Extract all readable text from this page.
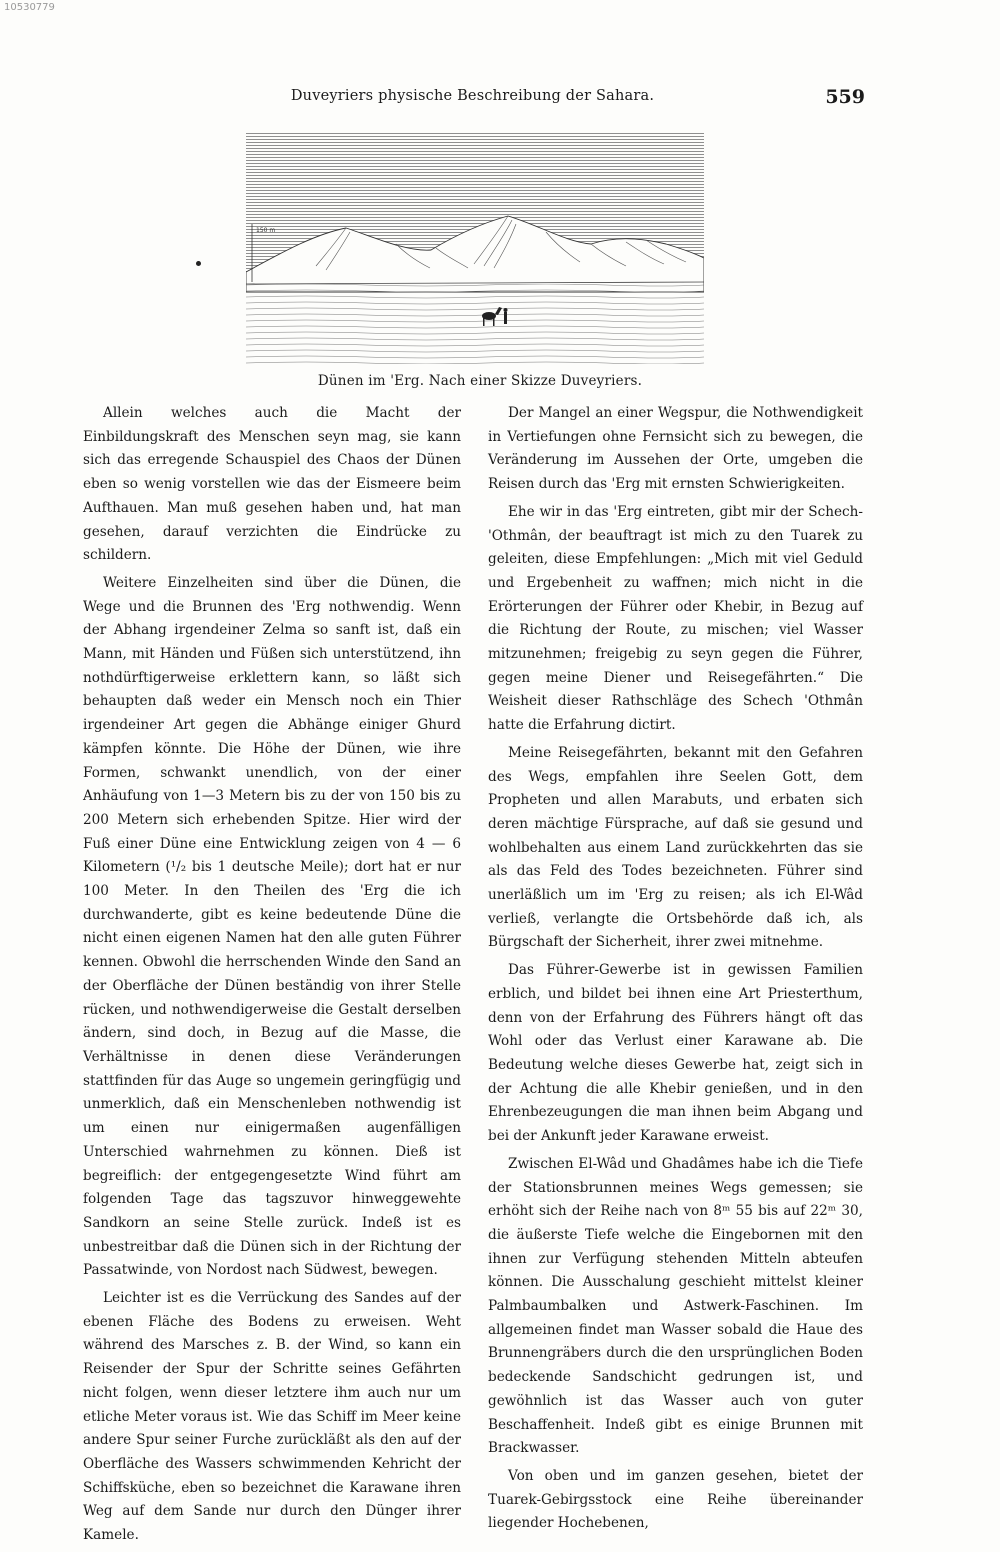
10530779
Duveyriers physische Beschreibung der Sahara.	559
150 m
Dünen im 'Erg. Nach einer Skizze Duveyriers.

Allein welches auch die Macht der Einbildungskraft des Menschen seyn mag, sie kann sich das erregende Schauspiel des Chaos der Dünen eben so wenig vorstellen wie das der Eismeere beim Aufthauen. Man muß gesehen haben und, hat man gesehen, darauf verzichten die Eindrücke zu schildern.

Weitere Einzelheiten sind über die Dünen, die Wege und die Brunnen des 'Erg nothwendig. Wenn der Abhang irgendeiner Zelma so sanft ist, daß ein Mann, mit Händen und Füßen sich unterstützend, ihn nothdürftigerweise erklettern kann, so läßt sich behaupten daß weder ein Mensch noch ein Thier irgendeiner Art gegen die Abhänge einiger Ghurd kämpfen könnte. Die Höhe der Dünen, wie ihre Formen, schwankt unendlich, von der einer Anhäufung von 1—3 Metern bis zu der von 150 bis zu 200 Metern sich erhebenden Spitze. Hier wird der Fuß einer Düne eine Entwicklung zeigen von 4 — 6 Kilometern (¹/₂ bis 1 deutsche Meile); dort hat er nur 100 Meter. In den Theilen des 'Erg die ich durchwanderte, gibt es keine bedeutende Düne die nicht einen eigenen Namen hat den alle guten Führer kennen. Obwohl die herrschenden Winde den Sand an der Oberfläche der Dünen beständig von ihrer Stelle rücken, und nothwendigerweise die Gestalt derselben ändern, sind doch, in Bezug auf die Masse, die Verhältnisse in denen diese Veränderungen stattfinden für das Auge so ungemein geringfügig und unmerklich, daß ein Menschenleben nothwendig ist um einen nur einigermaßen augenfälligen Unterschied wahrnehmen zu können. Dieß ist begreiflich: der entgegengesetzte Wind führt am folgenden Tage das tagszuvor hinweggewehte Sandkorn an seine Stelle zurück. Indeß ist es unbestreitbar daß die Dünen sich in der Richtung der Passatwinde, von Nordost nach Südwest, bewegen.

Leichter ist es die Verrückung des Sandes auf der ebenen Fläche des Bodens zu erweisen. Weht während des Marsches z. B. der Wind, so kann ein Reisender der Spur der Schritte seines Gefährten nicht folgen, wenn dieser letztere ihm auch nur um etliche Meter voraus ist. Wie das Schiff im Meer keine andere Spur seiner Furche zurückläßt als den auf der Oberfläche des Wassers schwimmenden Kehricht der Schiffsküche, eben so bezeichnet die Karawane ihren Weg auf dem Sande nur durch den Dünger ihrer Kamele.

Der Mangel an einer Wegspur, die Nothwendigkeit in Vertiefungen ohne Fernsicht sich zu bewegen, die Veränderung im Aussehen der Orte, umgeben die Reisen durch das 'Erg mit ernsten Schwierigkeiten.

Ehe wir in das 'Erg eintreten, gibt mir der Schech-'Othmân, der beauftragt ist mich zu den Tuarek zu geleiten, diese Empfehlungen: „Mich mit viel Geduld und Ergebenheit zu waffnen; mich nicht in die Erörterungen der Führer oder Khebir, in Bezug auf die Richtung der Route, zu mischen; viel Wasser mitzunehmen; freigebig zu seyn gegen die Führer, gegen meine Diener und Reisegefährten.“ Die Weisheit dieser Rathschläge des Schech 'Othmân hatte die Erfahrung dictirt.

Meine Reisegefährten, bekannt mit den Gefahren des Wegs, empfahlen ihre Seelen Gott, dem Propheten und allen Marabuts, und erbaten sich deren mächtige Fürsprache, auf daß sie gesund und wohlbehalten aus einem Land zurückkehrten das sie als das Feld des Todes bezeichneten. Führer sind unerläßlich um im 'Erg zu reisen; als ich El-Wâd verließ, verlangte die Ortsbehörde daß ich, als Bürgschaft der Sicherheit, ihrer zwei mitnehme.

Das Führer-Gewerbe ist in gewissen Familien erblich, und bildet bei ihnen eine Art Priesterthum, denn von der Erfahrung des Führers hängt oft das Wohl oder das Verlust einer Karawane ab. Die Bedeutung welche dieses Gewerbe hat, zeigt sich in der Achtung die alle Khebir genießen, und in den Ehrenbezeugungen die man ihnen beim Abgang und bei der Ankunft jeder Karawane erweist.

Zwischen El-Wâd und Ghadâmes habe ich die Tiefe der Stationsbrunnen meines Wegs gemessen; sie erhöht sich der Reihe nach von 8ᵐ 55 bis auf 22ᵐ 30, die äußerste Tiefe welche die Eingebornen mit den ihnen zur Verfügung stehenden Mitteln abteufen können. Die Ausschalung geschieht mittelst kleiner Palmbaumbalken und Astwerk-Faschinen. Im allgemeinen findet man Wasser sobald die Haue des Brunnengräbers durch die den ursprünglichen Boden bedeckende Sandschicht gedrungen ist, und gewöhnlich ist das Wasser auch von guter Beschaffenheit. Indeß gibt es einige Brunnen mit Brackwasser.

Von oben und im ganzen gesehen, bietet der Tuarek-Gebirgsstock eine Reihe übereinander liegender Hochebenen,
